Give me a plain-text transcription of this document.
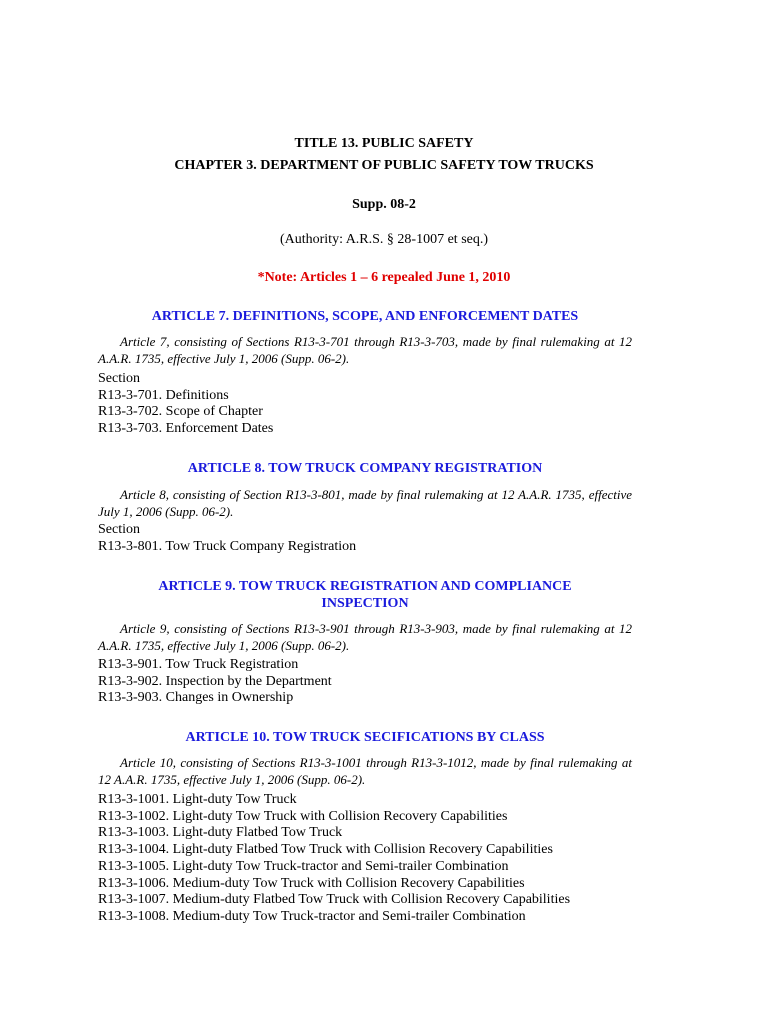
TITLE 13. PUBLIC SAFETY
CHAPTER 3. DEPARTMENT OF PUBLIC SAFETY TOW TRUCKS
Supp. 08-2
(Authority: A.R.S. § 28-1007 et seq.)
*Note: Articles 1 – 6 repealed June 1, 2010
ARTICLE 7. DEFINITIONS, SCOPE, AND ENFORCEMENT DATES
Article 7, consisting of Sections R13-3-701 through R13-3-703, made by final rulemaking at 12 A.A.R. 1735, effective July 1, 2006 (Supp. 06-2).
Section
R13-3-701. Definitions
R13-3-702. Scope of Chapter
R13-3-703. Enforcement Dates
ARTICLE 8. TOW TRUCK COMPANY REGISTRATION
Article 8, consisting of Section R13-3-801, made by final rulemaking at 12 A.A.R. 1735, effective July 1, 2006 (Supp. 06-2).
Section
R13-3-801. Tow Truck Company Registration
ARTICLE 9. TOW TRUCK REGISTRATION AND COMPLIANCE
INSPECTION
Article 9, consisting of Sections R13-3-901 through R13-3-903, made by final rulemaking at 12 A.A.R. 1735, effective July 1, 2006 (Supp. 06-2).
R13-3-901. Tow Truck Registration
R13-3-902. Inspection by the Department
R13-3-903. Changes in Ownership
ARTICLE 10. TOW TRUCK SECIFICATIONS BY CLASS
Article 10, consisting of Sections R13-3-1001 through R13-3-1012, made by final rulemaking at 12 A.A.R. 1735, effective July 1, 2006 (Supp. 06-2).
R13-3-1001. Light-duty Tow Truck
R13-3-1002. Light-duty Tow Truck with Collision Recovery Capabilities
R13-3-1003. Light-duty Flatbed Tow Truck
R13-3-1004. Light-duty Flatbed Tow Truck with Collision Recovery Capabilities
R13-3-1005. Light-duty Tow Truck-tractor and Semi-trailer Combination
R13-3-1006. Medium-duty Tow Truck with Collision Recovery Capabilities
R13-3-1007. Medium-duty Flatbed Tow Truck with Collision Recovery Capabilities
R13-3-1008. Medium-duty Tow Truck-tractor and Semi-trailer Combination
